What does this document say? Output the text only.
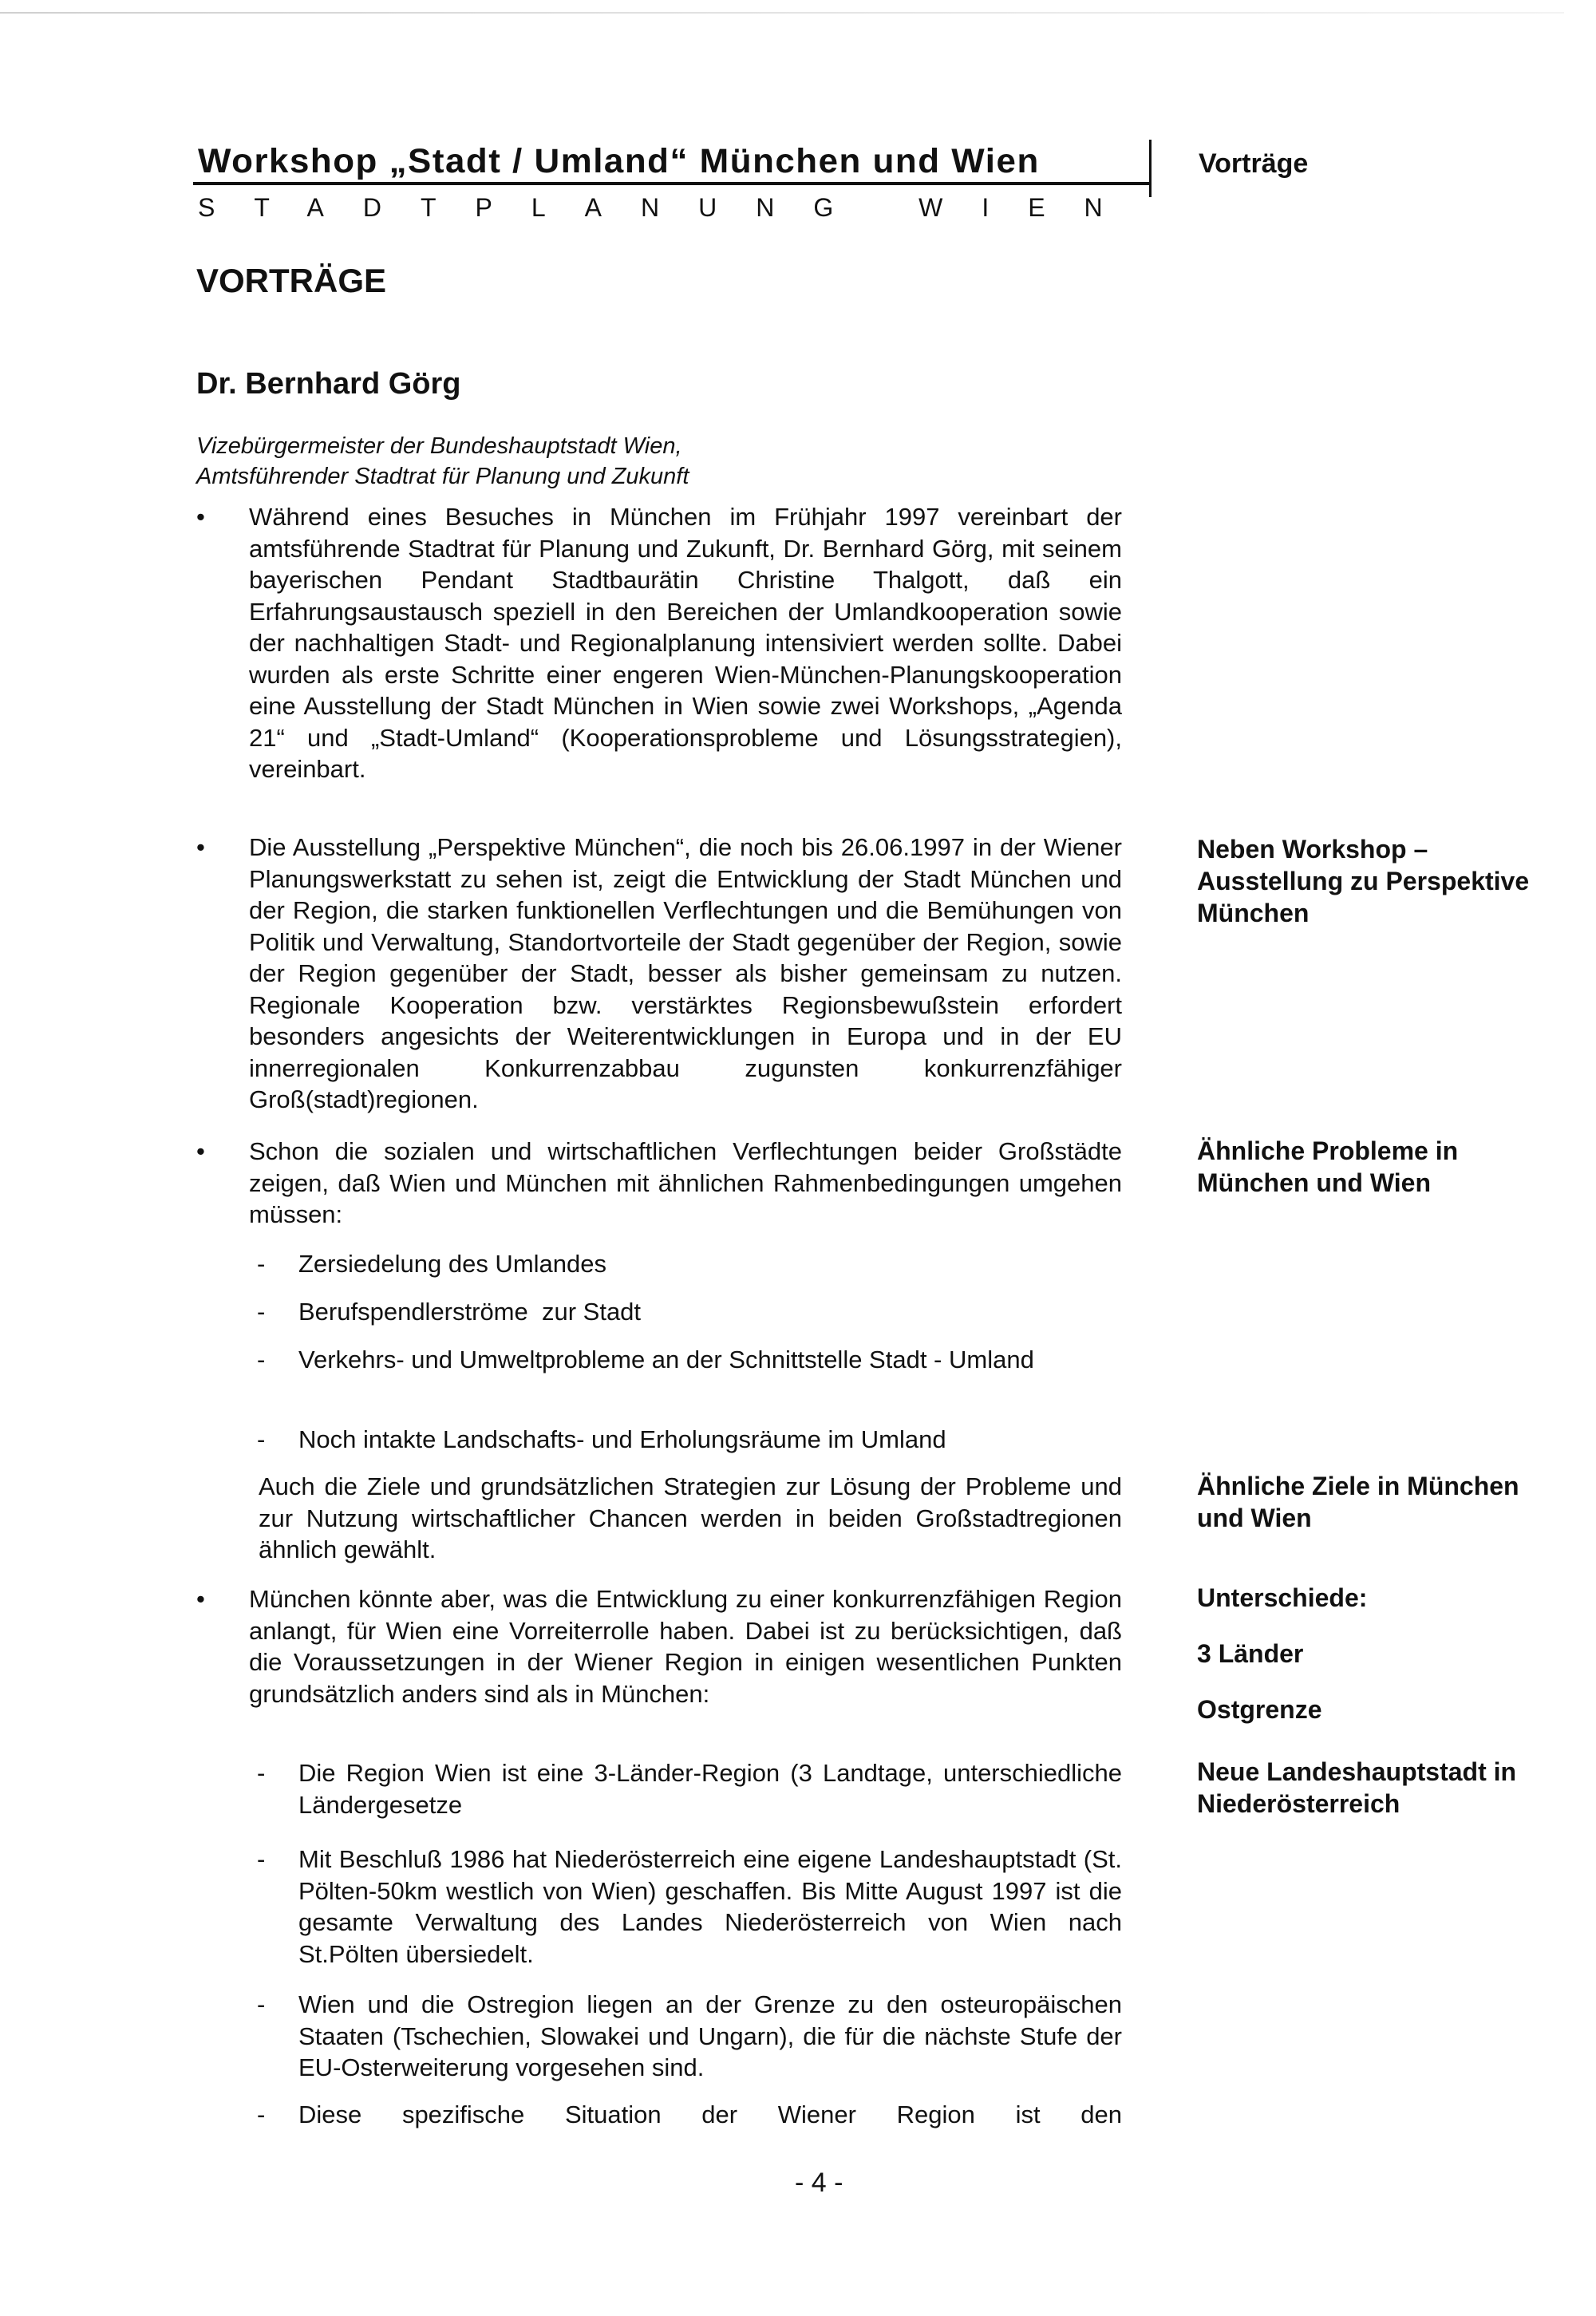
Workshop „Stadt / Umland“ München und Wien
STADTPLANUNG WIEN
Vorträge
VORTRÄGE
Dr. Bernhard Görg
Vizebürgermeister der Bundeshauptstadt Wien,
Amtsführender Stadtrat für Planung und Zukunft
• Während eines Besuches in München im Frühjahr 1997 vereinbart der amtsführende Stadtrat für Planung und Zukunft, Dr. Bernhard Görg, mit seinem bayerischen Pendant Stadtbaurätin Christine Thalgott, daß ein Erfahrungsaustausch speziell in den Bereichen der Umlandkooperation sowie der nachhaltigen Stadt- und Regionalplanung intensiviert werden sollte. Dabei wurden als erste Schritte einer engeren Wien-München-Planungskooperation eine Ausstellung der Stadt München in Wien sowie zwei Workshops, „Agenda 21“ und „Stadt-Umland“ (Kooperationsprobleme und Lösungsstrategien), vereinbart.
• Die Ausstellung „Perspektive München“, die noch bis 26.06.1997 in der Wiener Planungswerkstatt zu sehen ist, zeigt die Entwicklung der Stadt München und der Region, die starken funktionellen Verflechtungen und die Bemühungen von Politik und Verwaltung, Standortvorteile der Stadt gegenüber der Region, sowie der Region gegenüber der Stadt, besser als bisher gemeinsam zu nutzen. Regionale Kooperation bzw. verstärktes Regionsbewußstein erfordert besonders angesichts der Weiterentwicklungen in Europa und in der EU innerregionalen Konkurrenzabbau zugunsten konkurrenzfähiger Groß(stadt)regionen.
• Schon die sozialen und wirtschaftlichen Verflechtungen beider Großstädte zeigen, daß Wien und München mit ähnlichen Rahmenbedingungen umgehen müssen:
- Zersiedelung des Umlandes
- Berufspendlerströme  zur Stadt
- Verkehrs- und Umweltprobleme an der Schnittstelle Stadt - Umland
- Noch intakte Landschafts- und Erholungsräume im Umland
Auch die Ziele und grundsätzlichen Strategien zur Lösung der Probleme und zur Nutzung wirtschaftlicher Chancen werden in beiden Großstadtregionen ähnlich gewählt.
• München könnte aber, was die Entwicklung zu einer konkurrenzfähigen Region anlangt, für Wien eine Vorreiterrolle haben. Dabei ist zu berücksichtigen, daß die Voraussetzungen in der Wiener Region in einigen wesentlichen Punkten grundsätzlich anders sind als in München:
- Die Region Wien ist eine 3-Länder-Region (3 Landtage, unterschiedliche Ländergesetze
- Mit Beschluß 1986 hat Niederösterreich eine eigene Landeshauptstadt (St. Pölten-50km westlich von Wien) geschaffen. Bis Mitte August 1997 ist die gesamte Verwaltung des Landes Niederösterreich von Wien nach St.Pölten übersiedelt.
- Wien und die Ostregion liegen an der Grenze zu den osteuropäischen Staaten (Tschechien, Slowakei und Ungarn), die für die nächste Stufe der EU-Osterweiterung vorgesehen sind.
- Diese spezifische Situation der Wiener Region ist den
Neben Workshop – Ausstellung zu Perspektive München
Ähnliche Probleme in München und Wien
Ähnliche Ziele in München und Wien
Unterschiede:
3 Länder
Ostgrenze
Neue Landeshauptstadt in Niederösterreich
- 4 -
